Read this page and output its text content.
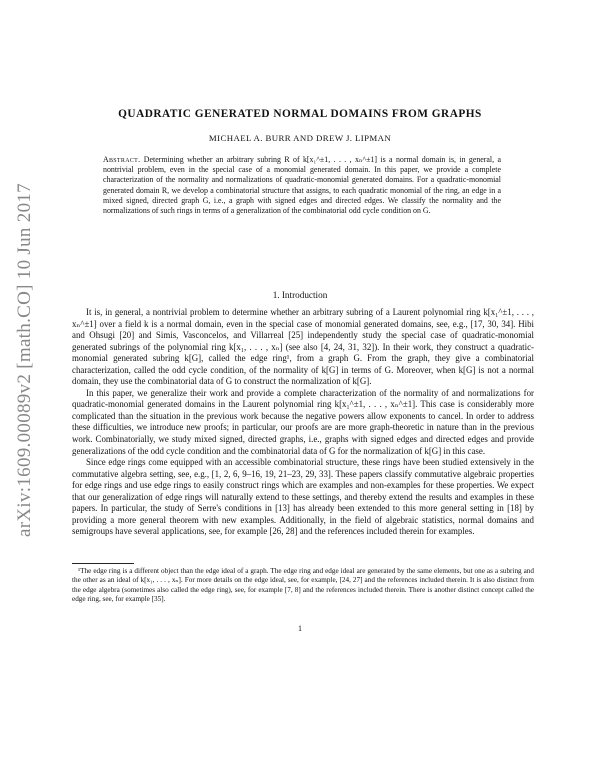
arXiv:1609.00089v2 [math.CO] 10 Jun 2017
QUADRATIC GENERATED NORMAL DOMAINS FROM GRAPHS
MICHAEL A. BURR AND DREW J. LIPMAN
Abstract. Determining whether an arbitrary subring R of k[x₁^±1, . . . , xₙ^±1] is a normal domain is, in general, a nontrivial problem, even in the special case of a monomial generated domain. In this paper, we provide a complete characterization of the normality and normalizations of quadratic-monomial generated domains. For a quadratic-monomial generated domain R, we develop a combinatorial structure that assigns, to each quadratic monomial of the ring, an edge in a mixed signed, directed graph G, i.e., a graph with signed edges and directed edges. We classify the normality and the normalizations of such rings in terms of a generalization of the combinatorial odd cycle condition on G.
1. Introduction

It is, in general, a nontrivial problem to determine whether an arbitrary subring of a Laurent polynomial ring k[x₁^±1, . . . , xₙ^±1] over a field k is a normal domain, even in the special case of monomial generated domains, see, e.g., [17, 30, 34]. Hibi and Ohsugi [20] and Simis, Vasconcelos, and Villarreal [25] independently study the special case of quadratic-monomial generated subrings of the polynomial ring k[x₁, . . . , xₙ] (see also [4, 24, 31, 32]). In their work, they construct a quadratic-monomial generated subring k[G], called the edge ring¹, from a graph G. From the graph, they give a combinatorial characterization, called the odd cycle condition, of the normality of k[G] in terms of G. Moreover, when k[G] is not a normal domain, they use the combinatorial data of G to construct the normalization of k[G].

In this paper, we generalize their work and provide a complete characterization of the normality of and normalizations for quadratic-monomial generated domains in the Laurent polynomial ring k[x₁^±1, . . . , xₙ^±1]. This case is considerably more complicated than the situation in the previous work because the negative powers allow exponents to cancel. In order to address these difficulties, we introduce new proofs; in particular, our proofs are are more graph-theoretic in nature than in the previous work. Combinatorially, we study mixed signed, directed graphs, i.e., graphs with signed edges and directed edges and provide generalizations of the odd cycle condition and the combinatorial data of G for the normalization of k[G] in this case.

Since edge rings come equipped with an accessible combinatorial structure, these rings have been studied extensively in the commutative algebra setting, see, e.g., [1, 2, 6, 9–16, 19, 21–23, 29, 33]. These papers classify commutative algebraic properties for edge rings and use edge rings to easily construct rings which are examples and non-examples for these properties. We expect that our generalization of edge rings will naturally extend to these settings, and thereby extend the results and examples in these papers. In particular, the study of Serre's conditions in [13] has already been extended to this more general setting in [18] by providing a more general theorem with new examples. Additionally, in the field of algebraic statistics, normal domains and semigroups have several applications, see, for example [26, 28] and the references included therein for examples.

¹The edge ring is a different object than the edge ideal of a graph. The edge ring and edge ideal are generated by the same elements, but one as a subring and the other as an ideal of k[x₁, . . . , xₙ]. For more details on the edge ideal, see, for example, [24, 27] and the references included therein. It is also distinct from the edge algebra (sometimes also called the edge ring), see, for example [7, 8] and the references included therein. There is another distinct concept called the edge ring, see, for example [35].

1
